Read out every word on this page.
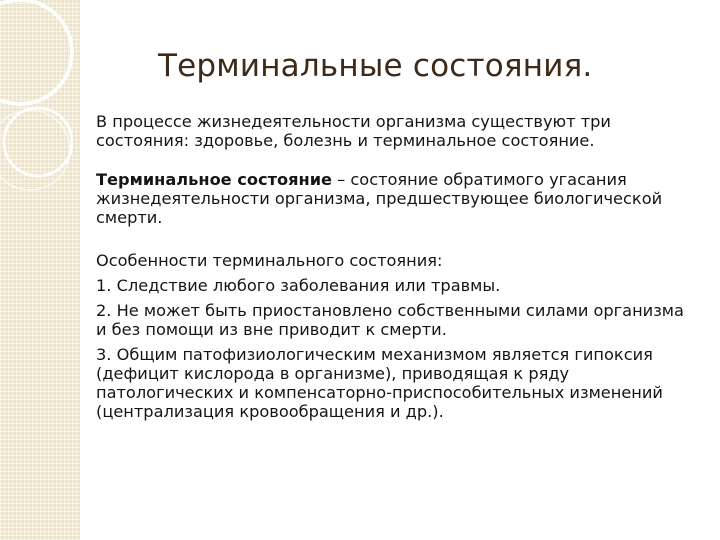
Терминальные состояния.

В процессе жизнедеятельности организма существуют три состояния: здоровье, болезнь и терминальное состояние.

Терминальное состояние – состояние обратимого угасания жизнедеятельности организма, предшествующее биологической смерти.

Особенности терминального состояния:

1. Следствие любого заболевания или травмы.
2. Не может быть приостановлено собственными силами организма и без помощи из вне приводит к смерти.
3. Общим патофизиологическим механизмом является гипоксия (дефицит кислорода в организме), приводящая к ряду патологических и компенсаторно-приспособительных изменений (централизация кровообращения и др.).
